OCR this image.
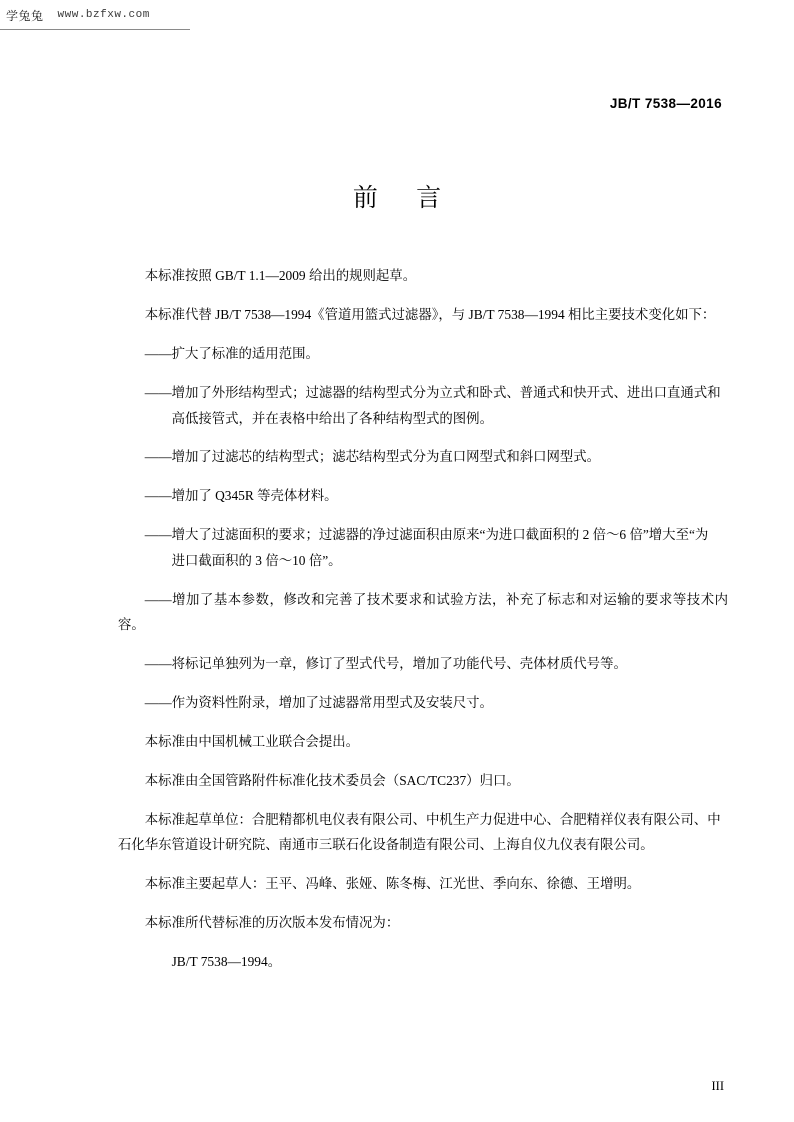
学兔兔 www.bzfxw.com
JB/T 7538—2016
前 言

本标准按照 GB/T 1.1—2009 给出的规则起草。

本标准代替 JB/T 7538—1994《管道用篮式过滤器》，与 JB/T 7538—1994 相比主要技术变化如下：

——扩大了标准的适用范围。

——增加了外形结构型式；过滤器的结构型式分为立式和卧式、普通式和快开式、进出口直通式和
高低接管式，并在表格中给出了各种结构型式的图例。

——增加了过滤芯的结构型式；滤芯结构型式分为直口网型式和斜口网型式。

——增加了 Q345R 等壳体材料。

——增大了过滤面积的要求；过滤器的净过滤面积由原来“为进口截面积的 2 倍～6 倍”增大至“为
进口截面积的 3 倍～10 倍”。

——增加了基本参数，修改和完善了技术要求和试验方法，补充了标志和对运输的要求等技术内容。

——将标记单独列为一章，修订了型式代号，增加了功能代号、壳体材质代号等。

——作为资料性附录，增加了过滤器常用型式及安装尺寸。

本标准由中国机械工业联合会提出。

本标准由全国管路附件标准化技术委员会（SAC/TC237）归口。

本标准起草单位：合肥精都机电仪表有限公司、中机生产力促进中心、合肥精祥仪表有限公司、中
石化华东管道设计研究院、南通市三联石化设备制造有限公司、上海自仪九仪表有限公司。

本标准主要起草人：王平、冯峰、张娅、陈冬梅、江光世、季向东、徐德、王增明。

本标准所代替标准的历次版本发布情况为：

JB/T 7538—1994。

III
